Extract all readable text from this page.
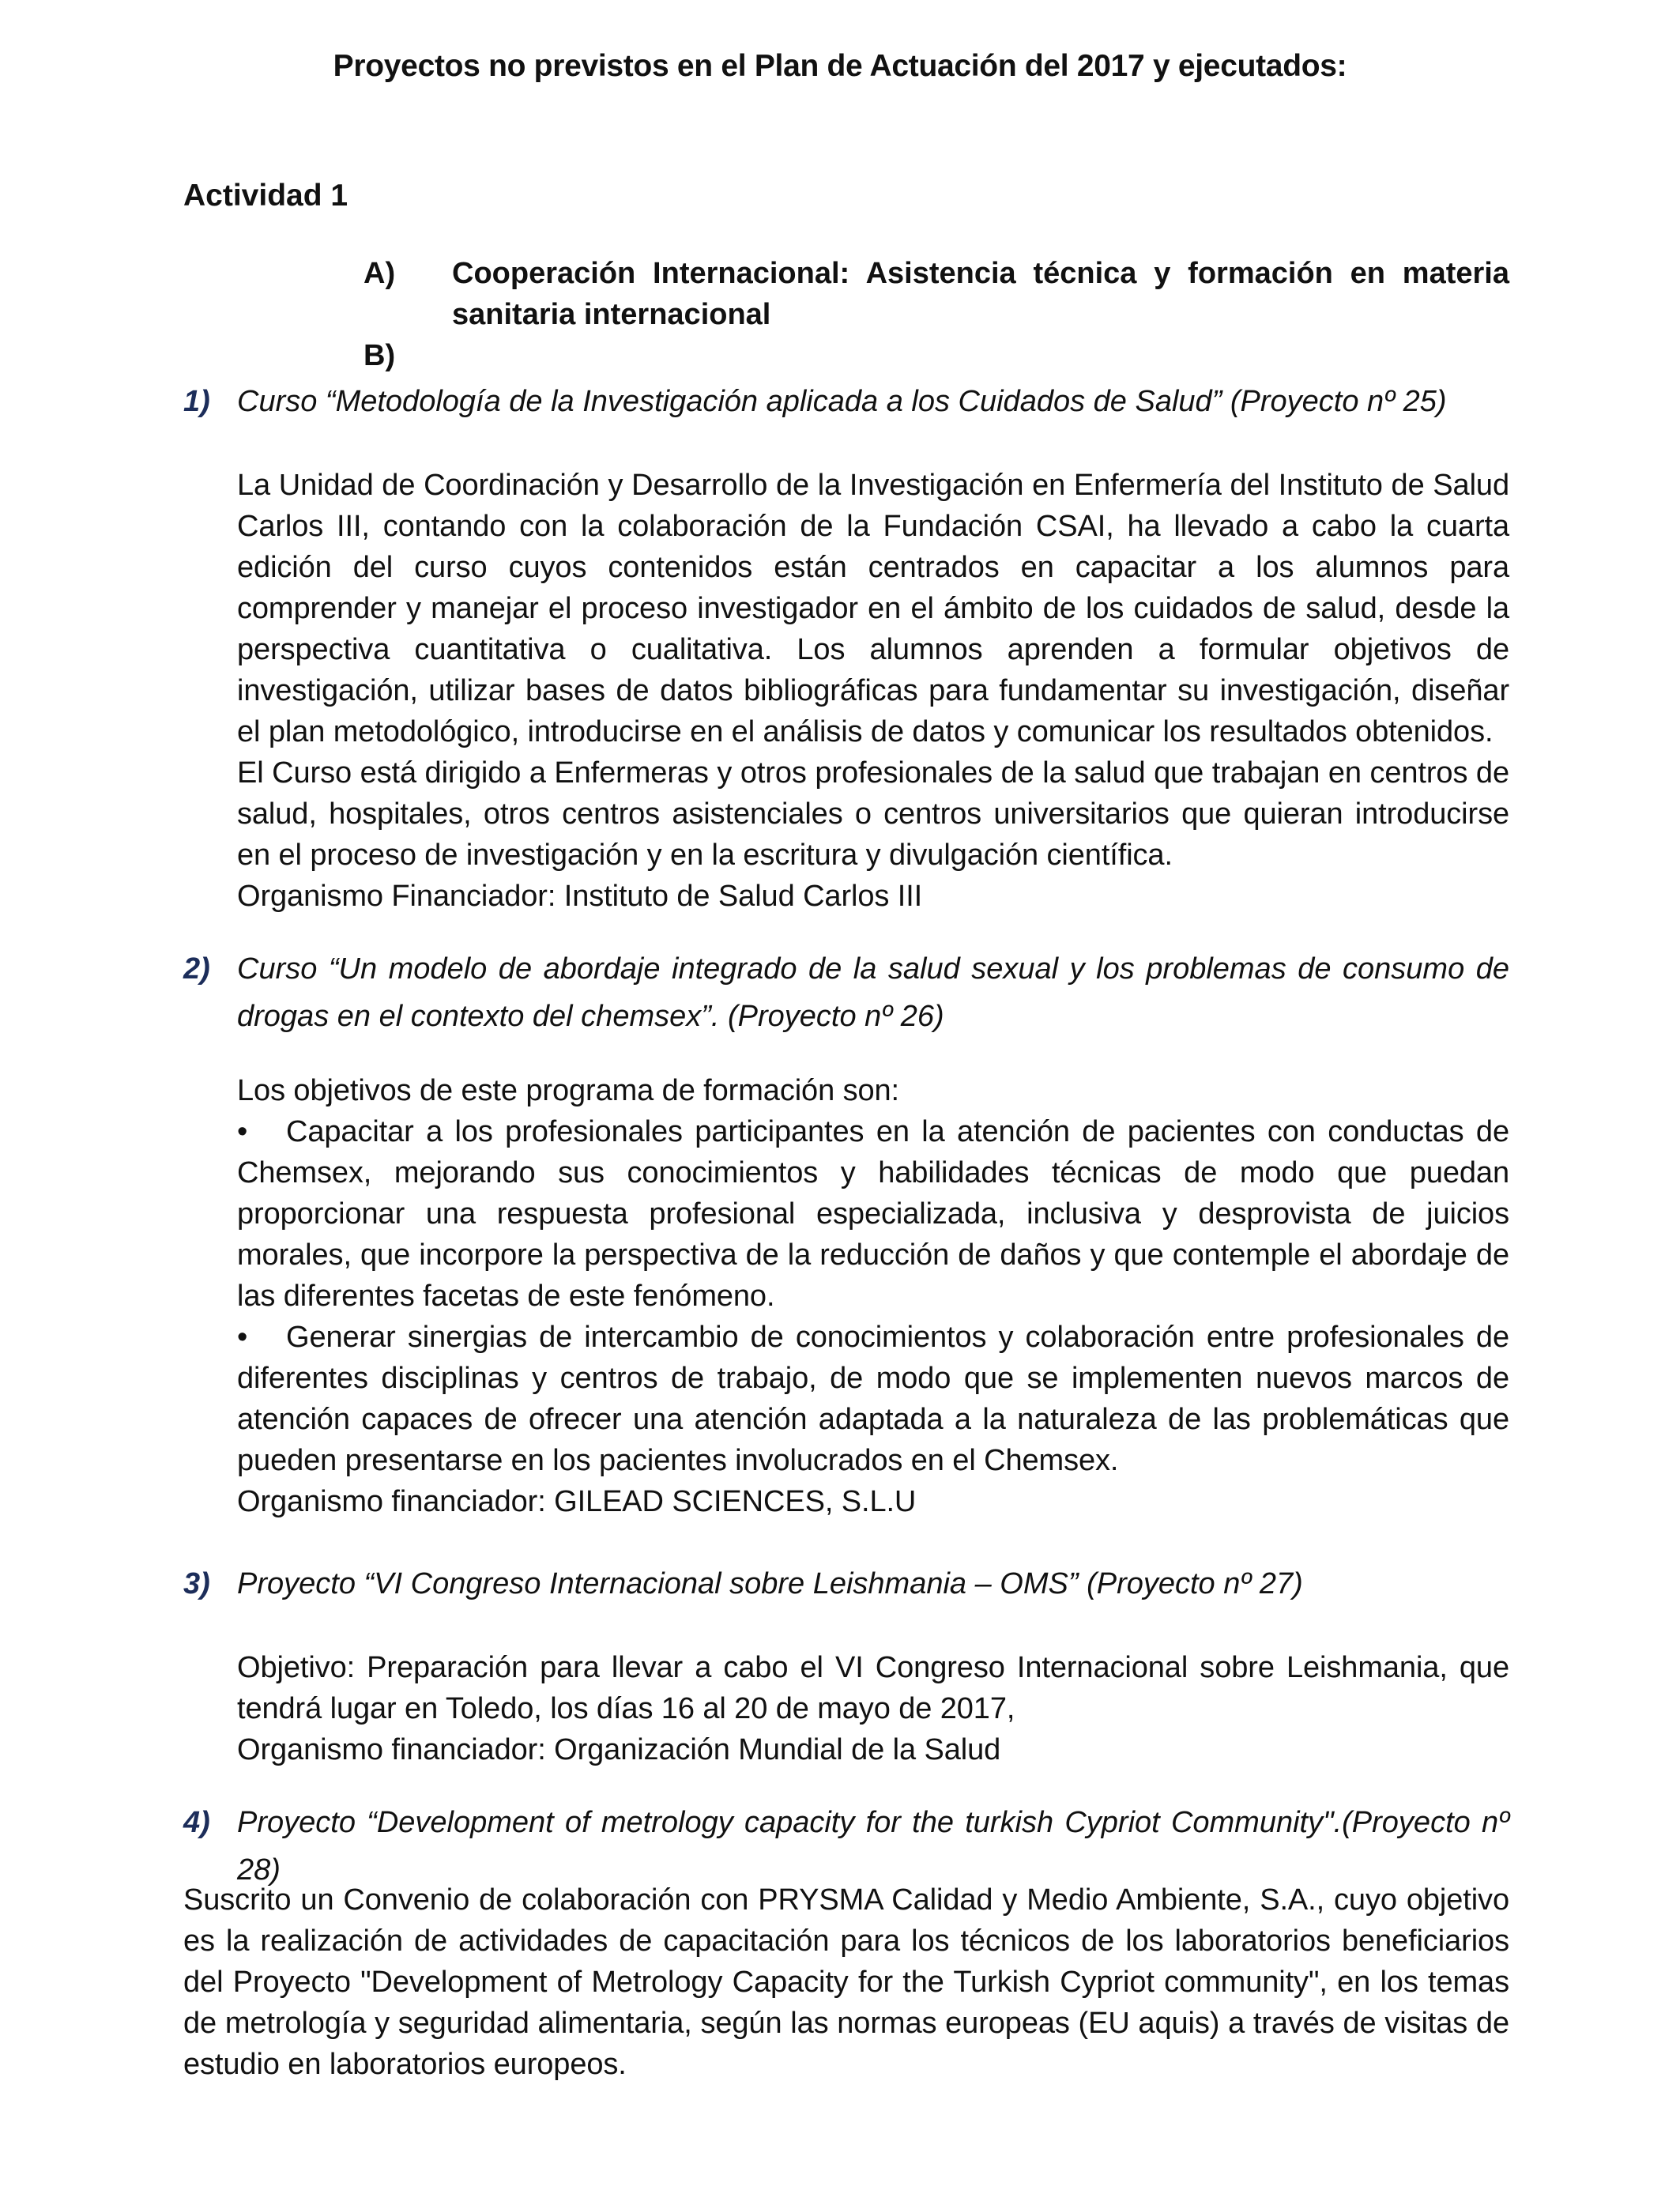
Proyectos no previstos en el Plan de Actuación del 2017 y ejecutados:
Actividad 1
A)	Cooperación Internacional: Asistencia técnica y formación en materia sanitaria internacional
B)
1) Curso “Metodología de la Investigación aplicada a los Cuidados de Salud” (Proyecto nº 25)

La Unidad de Coordinación y Desarrollo de la Investigación en Enfermería del Instituto de Salud Carlos III, contando con la colaboración de la Fundación CSAI, ha llevado a cabo la cuarta edición del curso cuyos contenidos están centrados en capacitar a los alumnos para comprender y manejar el proceso investigador en el ámbito de los cuidados de salud, desde la perspectiva cuantitativa o cualitativa. Los alumnos aprenden a formular objetivos de investigación, utilizar bases de datos bibliográficas para fundamentar su investigación, diseñar el plan metodológico, introducirse en el análisis de datos y comunicar los resultados obtenidos.

El Curso está dirigido a Enfermeras y otros profesionales de la salud que trabajan en centros de salud, hospitales, otros centros asistenciales o centros universitarios que quieran introducirse en el proceso de investigación y en la escritura y divulgación científica.

Organismo Financiador: Instituto de Salud Carlos III

2) Curso “Un modelo de abordaje integrado de la salud sexual y los problemas de consumo de drogas en el contexto del chemsex”. (Proyecto nº 26)

Los objetivos de este programa de formación son:

• Capacitar a los profesionales participantes en la atención de pacientes con conductas de Chemsex, mejorando sus conocimientos y habilidades técnicas de modo que puedan proporcionar una respuesta profesional especializada, inclusiva y desprovista de juicios morales, que incorpore la perspectiva de la reducción de daños y que contemple el abordaje de las diferentes facetas de este fenómeno.

• Generar sinergias de intercambio de conocimientos y colaboración entre profesionales de diferentes disciplinas y centros de trabajo, de modo que se implementen nuevos marcos de atención capaces de ofrecer una atención adaptada a la naturaleza de las problemáticas que pueden presentarse en los pacientes involucrados en el Chemsex.

Organismo financiador: GILEAD SCIENCES, S.L.U

3) Proyecto “VI Congreso Internacional sobre Leishmania – OMS” (Proyecto nº 27)

Objetivo: Preparación para llevar a cabo el VI Congreso Internacional sobre Leishmania, que tendrá lugar en Toledo, los días 16 al 20 de mayo de 2017,

Organismo financiador: Organización Mundial de la Salud

4) Proyecto “Development of metrology capacity for the turkish Cypriot Community".(Proyecto nº 28)
Suscrito un Convenio de colaboración con PRYSMA Calidad y Medio Ambiente, S.A., cuyo objetivo es la realización de actividades de capacitación para los técnicos de los laboratorios beneficiarios del Proyecto "Development of Metrology Capacity for the Turkish Cypriot community", en los temas de metrología y seguridad alimentaria, según las normas europeas (EU aquis) a través de visitas de estudio en laboratorios europeos.
